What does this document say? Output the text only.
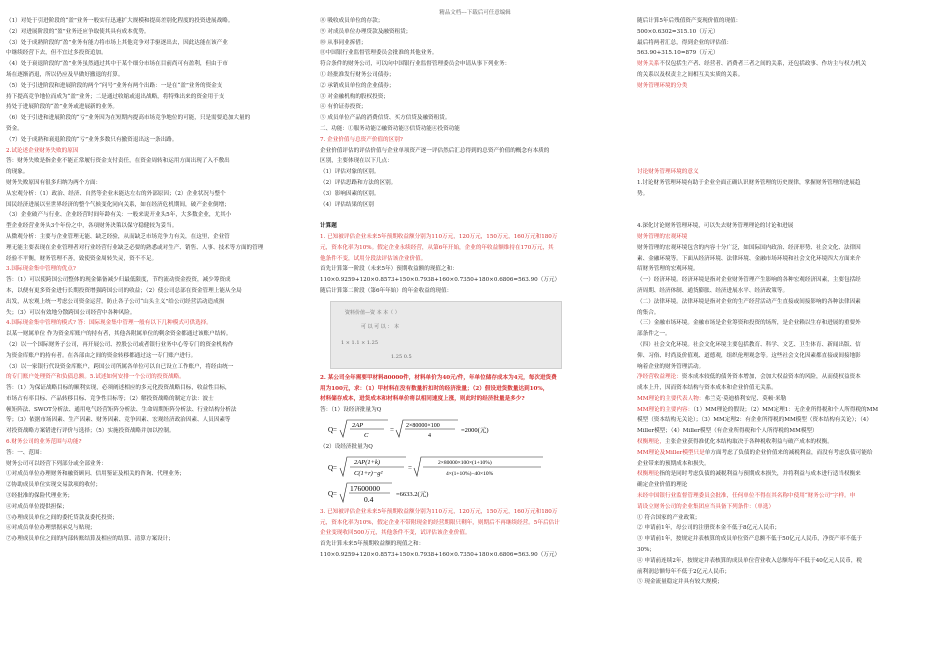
精品文档---下载后可任意编辑

（1）对处于引进阶段的“盈”业务一般实行迅速扩大规模和提高差别化程度的投资进展战略。

（2）对进展阶段的“盈”业务还应争取使其具有成本优势。

（3）处于成熟阶段的“盈”业务有能力将市场上其他竞争对手驱逐出去，因此达能在该产业

中继续经营下去，但不宜过多投资追加。

（4）处于衰退阶段的“盈”业务虽然通过其中于某个细分市场在目前尚可有盈利，但由于市

场在逐渐消退，所以仍应及早做好撤退的打算。

（5）处于引进阶段和进展阶段的两个“问号”业务有两个出路：一是在“盈”业务的资金支

持下提高竞争地位而成为“盈”业务；二是通过收缩或退出战略，将特殊出来的资金用于支

持处于进展阶段的“盈”业务或进展新的业务。

（6）处于引进和进展阶段的“亏”业务因为在短期内提高市场竞争地位的可能，只是需要追加大量的

资金。

（7）处于成熟和衰退阶段的“亏”业务多数只有撤资退出这一条出路。

2.试论述企业财务失败的原因

答：财务失败是指企业不能正常履行资金支付责任，在资金周转和运用方面出现了入不敷出

的现象。

财务失败原因有很多归纳为两个方面：

从宏观分析：（1）政治、经济、自然等企业未能达左右的外部原因；（2）企业状况与整个

国民经济进展以至世界经济的整个气候变化同向关系，如在经济危机期间，破产企业倒增；

（3）企业破产与行业、企业经营时间年龄有关：一般来说开业头5年，大多数企业，尤其小

型企业经营业务头3个年份之中，各项财务决策以保守稳健较为妥当。

从微观分析：主要与企业管理无能、缺乏经验，从而缺乏市场竞争力有关，在这里，企业管

理无能主要表现在企业管理者对行业经营行业缺乏必要的熟悉或对生产、销售、人事、技术等方面的管理

经验不平衡，财务管理不善，致使资金周转失灵，资不不足。

3.国际现金集中管理的优点?

答：（1）可以使跨国公司整体的现金储备减少归最低限度，节约流动资金投资，减少筹资成

本，以便有更多资金进行长期投资增强跨国公司的收益；（2）使公司总部在资金管理上能从全局

出发，从宏观上统一考虑公司资金运营，防止各子公司“山头主义”给公司经营活动造成损

失；（3）可以有效地分散跨国公司经营中各种风险。

4.国际现金集中管理的模式? 答：国际现金集中管理一般有以下几种模式可供选择。

以某一财属单位 作为资金库账户的持有者，其他各附属单位的剩余资金都通过该账户结转。

（2）以一个国际财务子公司，再开展公司、控股公司或者银行业务中心等专门的资金机构作

为资金库账户的持有者。在各部由之间的资金转移都通过这一专门账户进行。

（3）以一家银行代设资金库账户，跨国公司所属各单位可以自已设立工作账户，将经由统一

的专门账户处理资产和负债总额。5.试述如何安排一个公司的投资战略。

答：（1）为保证战略目标的顺利实现，必须阐述相应的多元化投资战略目标，收益性目标，

市场占有率目标、产品转移目标、竞争性目标等；（2）解投资战略的制定方法：波士

顿矩阵法、SWOT分析法、通用电气经营矩阵分析法、生命周期矩阵分析法、行业结构分析法

等；（3）依据市场因素、生产因素、财务因素、竞争因素、宏观经济政治因素、人员因素等

对投资战略方案错进行评价与选择；（5）实施投资战略并加以控制。

6.财务公司的业务范围与功能?

答：一、范围：

财务公司可以经营下列部分或全部业务：

①对成员单位办理财务和融资顾问、信用鉴证及相关的咨询、代理业务；

②协助成员单位实现交易款项的收付；

③经批准的保险代理业务；

④对成员单位提供担保；

⑤办理成员单位之间的委托贷款及委托投资；

⑥对成员单位办理票据承兑与贴现；

⑦办理成员单位之间的内部转账结算及相应的结算、清算方案设计；

⑧ 吸收成员单位的存款；

⑨ 对成员单位办理贷款及融资租赁；

⑩ 从事同业拆借；

⑪中国银行业监督管理委员会批准的其他业务。

符合条件的财务公司，可以向中国银行业监督管理委员会申请从事下列业务：

① 经批准发行财务公司债券；

② 承销成员单位的企业债券；

③ 对金融机构的股权投资；

④ 有价证券投资；

⑤ 成员单位产品的消费信贷、买方信贷及融资租赁。

二、功能：①服务功能②融资功能③信贷功能④投资功能

7. 企业价值与总资产价值的区别?

企业价值评估的评估价值与企业单项资产逐一评估然后汇总得到的总资产价值的概念有本质的

区别，主要体现在以下几点：

（1）评估对象的区别。

（2）评估思路和方法的区别。

（3）影响因素的区别。

（4）评估结果的区别

计算题

1. 已知被评估企业未来5年预期收益额分别为110万元，120万元，150万元，160万元和180万

元，资本化率为10%。假定企业永续经营，从第6年开始，企业的年收益额维持在170万元，其

他条件不变，试用分段法评估该企业价值。

首先计算第一阶段（未来5年）预期收益额的现值之和：

110×0.9259+120×0.8573+150×0.7938+160×0.7350+180×0.6806=563.90（万元）

随后计算第二阶段（第6年年始）的年金收益的现值：

资料价值—资 本 本（ ）
可 以 可 以 ： 本
1 × 1.1 × 1.25
1.25 0.5

2. 某公司全年需要甲材料80000件，材料单价为40元/件，年单位储存成本为4元，每次进货费

用为100元，求：（1）甲材料在没有数量折扣时的经济批量；（2）假设进货数量达到10%，

材料储存成本，进货成本和材料单价将以相同速度上涨，则此时的经济批量是多少?

答：（1）设经济批量为Q

Q=
2AP
C
= 2×80000×100
4
=2000(元)

（2）设经济批量为Q

Q=
2AP(1+k)
C(1+r)−g²
=
2×80000×100×(1+10%)
4×(1+10%)−40×10%
Q=
17600000
0.4
=6633.2(元)

3. 已知被评估企业未来5年预期收益额分别为110万元，120万元，150万元，160万元和180万

元，资本化率为10%，假定企业不带附现金的经营期限只剩年，则期后不再继续经营。5年后估计

企业变现收回500万元，其他条件不变，试评估该企业价值。

首先计算未来5年预期收益额的现值之和：

110×0.9259+120×0.8573+150×0.7938+160×0.7350+180×0.6806=563.90（万元）

随后计算5年后残值资产变现价值的现值：

500×0.6302=315.10（万元）

最后将两者汇总，得到企业的评估值：

563.90+315.10=879（万元）

财务关系不仅包括生产者、经营者、消费者三者之间的关系，还包括政事、作坊主与权力机关

的关系以及权责主之间相互关实质的关系。

财务管理环境的分类

讨论财务管理环境的意义

1.讨论财务管理环境有助于企业全面正确认识财务管理的历史规律，掌握财务管理的进展趋

势。

4.深化讨论财务管理环境，可以失去财务管理理论的讨论和进展

财务管理的宏观环境

财务管理的宏观环境包含的内容十分广泛，如国际国内政治、经济形势、社会文化、法律因

素、金融环境等。下面从经济环境、法律环境、金融市场环境和社会文化环境四大方面来介

绍财务管理的宏观环境。

（一）经济环境。经济环境是指对企业财务管理产生影响的各种宏观经济因素，主要包括经

济周期、经济体制、通货膨胀、经济进展水平、经济政策等。

（二）法律环境。法律环境是指对企业的生产经营活动产生直接或间接影响的各种法律因素

的集合。

（三）金融市场环境。金融市场是企业筹资和投资的场所，是企业赖以生存和进展的重要外

部条件之一。

（四）社会文化环境。社会文化环境主要包括教育、科学、文艺、卫生体育、新闻出版、信

仰、习俗、时尚及价值观、道德观，组织伦理观念等。这些社会文化因素都直接或间接地影

响着企业的财务管理活动。

净经营收益理论：资本成本较低的债务资本增加，会加大权益资本的风险，从而使权益资本

成本上升，因而资本结构与资本成本和企业价值无关系。

MM理论的主要代表人物：弗兰克·莫迪格利安尼、莫顿·米勒

MM理论的主要内容：（1）MM理论的假设；（2）MM定理1：无企业所得税和个人所得税的MM

模型（资本结构无关论）；（3）MM定理2：有企业所得税的MM模型（资本结构有关论）；（4）

Miller模型；（4）Miller模型（有企业所得税和个人所得税的MM模型）

权衡理论，主张企业获得准优化本结构取决于各种税收利益与破产成本的权衡。

MM理论及Miller模型只是单方面考虑了负债的企业价值来的减税利益，而没有考虑负债可能给

企业带来的预期成本和损失。

权衡理论指的是同时考虑负债的减税利益与预期成本损失，并将利益与成本进行适当权衡来

确定企业价值的理论

未经中国银行业监督管理委员会批准，任何单位不得在其名称中使用“财务公司”字样。申

请设立财务公司的企业集团应当具备下列条件：（单选）

① 符合国家的产业政策；

② 申请前1年，母公司的注册资本金不低于8亿元人民币；

③ 申请前1年，按规定并表核算的成员单位资产总额不低于50亿元人民币，净资产率不低于

30%；

④ 申请前连续2年，按规定并表核算的成员单位营业收入总额每年不低于40亿元人民币，税

前利润总额每年不低于2亿元人民币；

⑤ 现金流量稳定并具有较大规模；
